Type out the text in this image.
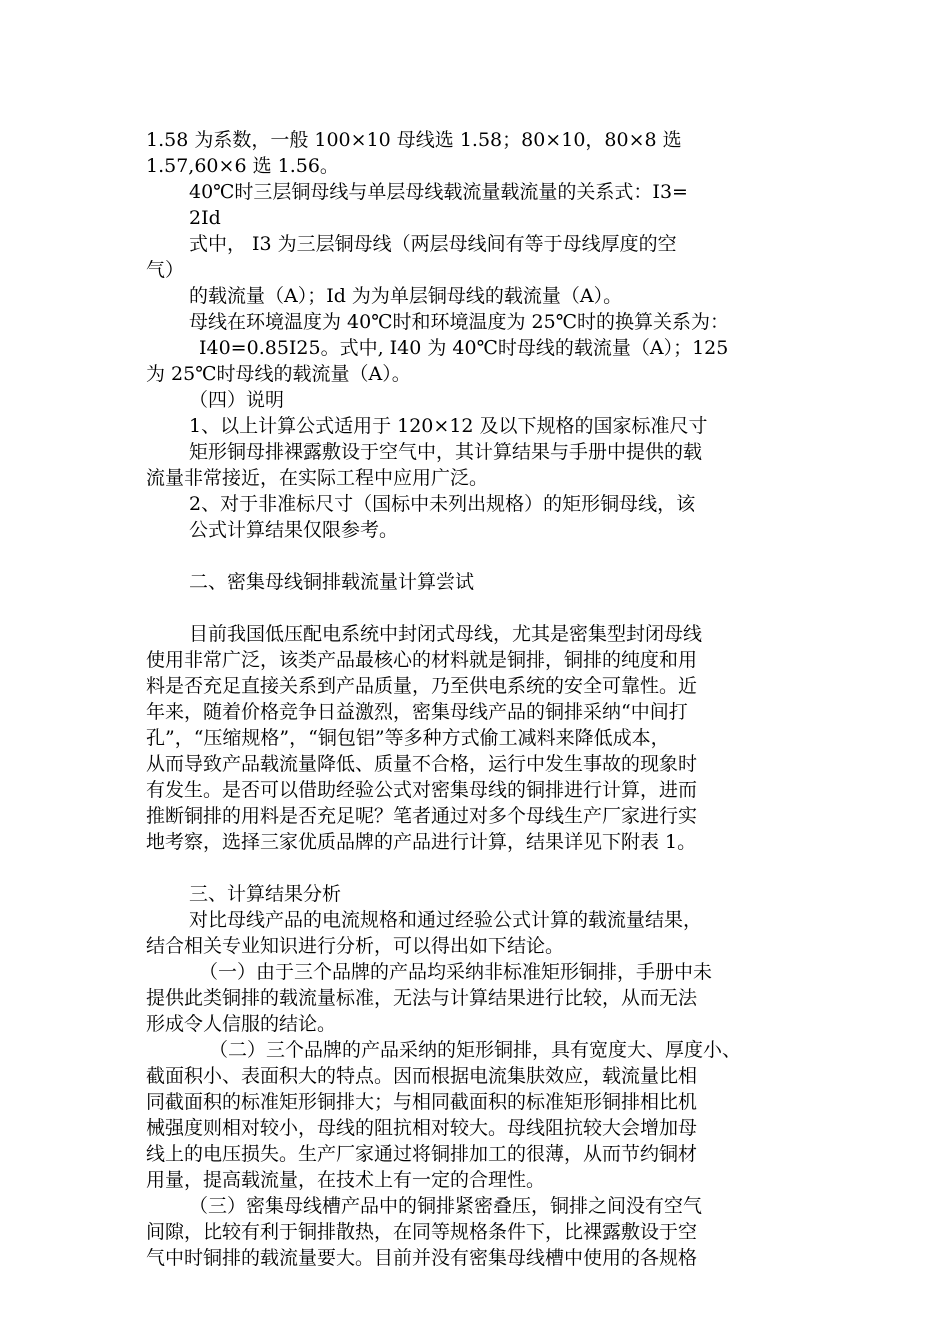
1.58 为系数，一般 100×10 母线选 1.58；80×10，80×8 选
1.57,60×6 选 1.56。
40℃时三层铜母线与单层母线载流量载流量的关系式：I3=
2Id
式中， I3 为三层铜母线（两层母线间有等于母线厚度的空
气）
的载流量（A）；Id 为为单层铜母线的载流量（A）。
母线在环境温度为 40℃时和环境温度为 25℃时的换算关系为：
I40=0.85I25。式中, I40 为 40℃时母线的载流量（A）；125
为 25℃时母线的载流量（A）。
（四）说明
1、以上计算公式适用于 120×12 及以下规格的国家标准尺寸
矩形铜母排裸露敷设于空气中，其计算结果与手册中提供的载
流量非常接近，在实际工程中应用广泛。
2、对于非准标尺寸（国标中未列出规格）的矩形铜母线，该
公式计算结果仅限参考。
二、密集母线铜排载流量计算尝试
目前我国低压配电系统中封闭式母线，尤其是密集型封闭母线
使用非常广泛，该类产品最核心的材料就是铜排，铜排的纯度和用
料是否充足直接关系到产品质量，乃至供电系统的安全可靠性。近
年来，随着价格竞争日益激烈，密集母线产品的铜排采纳“中间打
孔”，“压缩规格”，“铜包铝”等多种方式偷工减料来降低成本，
从而导致产品载流量降低、质量不合格，运行中发生事故的现象时
有发生。是否可以借助经验公式对密集母线的铜排进行计算，进而
推断铜排的用料是否充足呢？笔者通过对多个母线生产厂家进行实
地考察，选择三家优质品牌的产品进行计算，结果详见下附表 1。
三、计算结果分析
对比母线产品的电流规格和通过经验公式计算的载流量结果，
结合相关专业知识进行分析，可以得出如下结论。
（一）由于三个品牌的产品均采纳非标准矩形铜排，手册中未
提供此类铜排的载流量标准，无法与计算结果进行比较，从而无法
形成令人信服的结论。
（二）三个品牌的产品采纳的矩形铜排，具有宽度大、厚度小、
截面积小、表面积大的特点。因而根据电流集肤效应，载流量比相
同截面积的标准矩形铜排大；与相同截面积的标准矩形铜排相比机
械强度则相对较小，母线的阻抗相对较大。母线阻抗较大会增加母
线上的电压损失。生产厂家通过将铜排加工的很薄，从而节约铜材
用量，提高载流量，在技术上有一定的合理性。
（三）密集母线槽产品中的铜排紧密叠压，铜排之间没有空气
间隙，比较有利于铜排散热，在同等规格条件下，比裸露敷设于空
气中时铜排的载流量要大。目前并没有密集母线槽中使用的各规格
